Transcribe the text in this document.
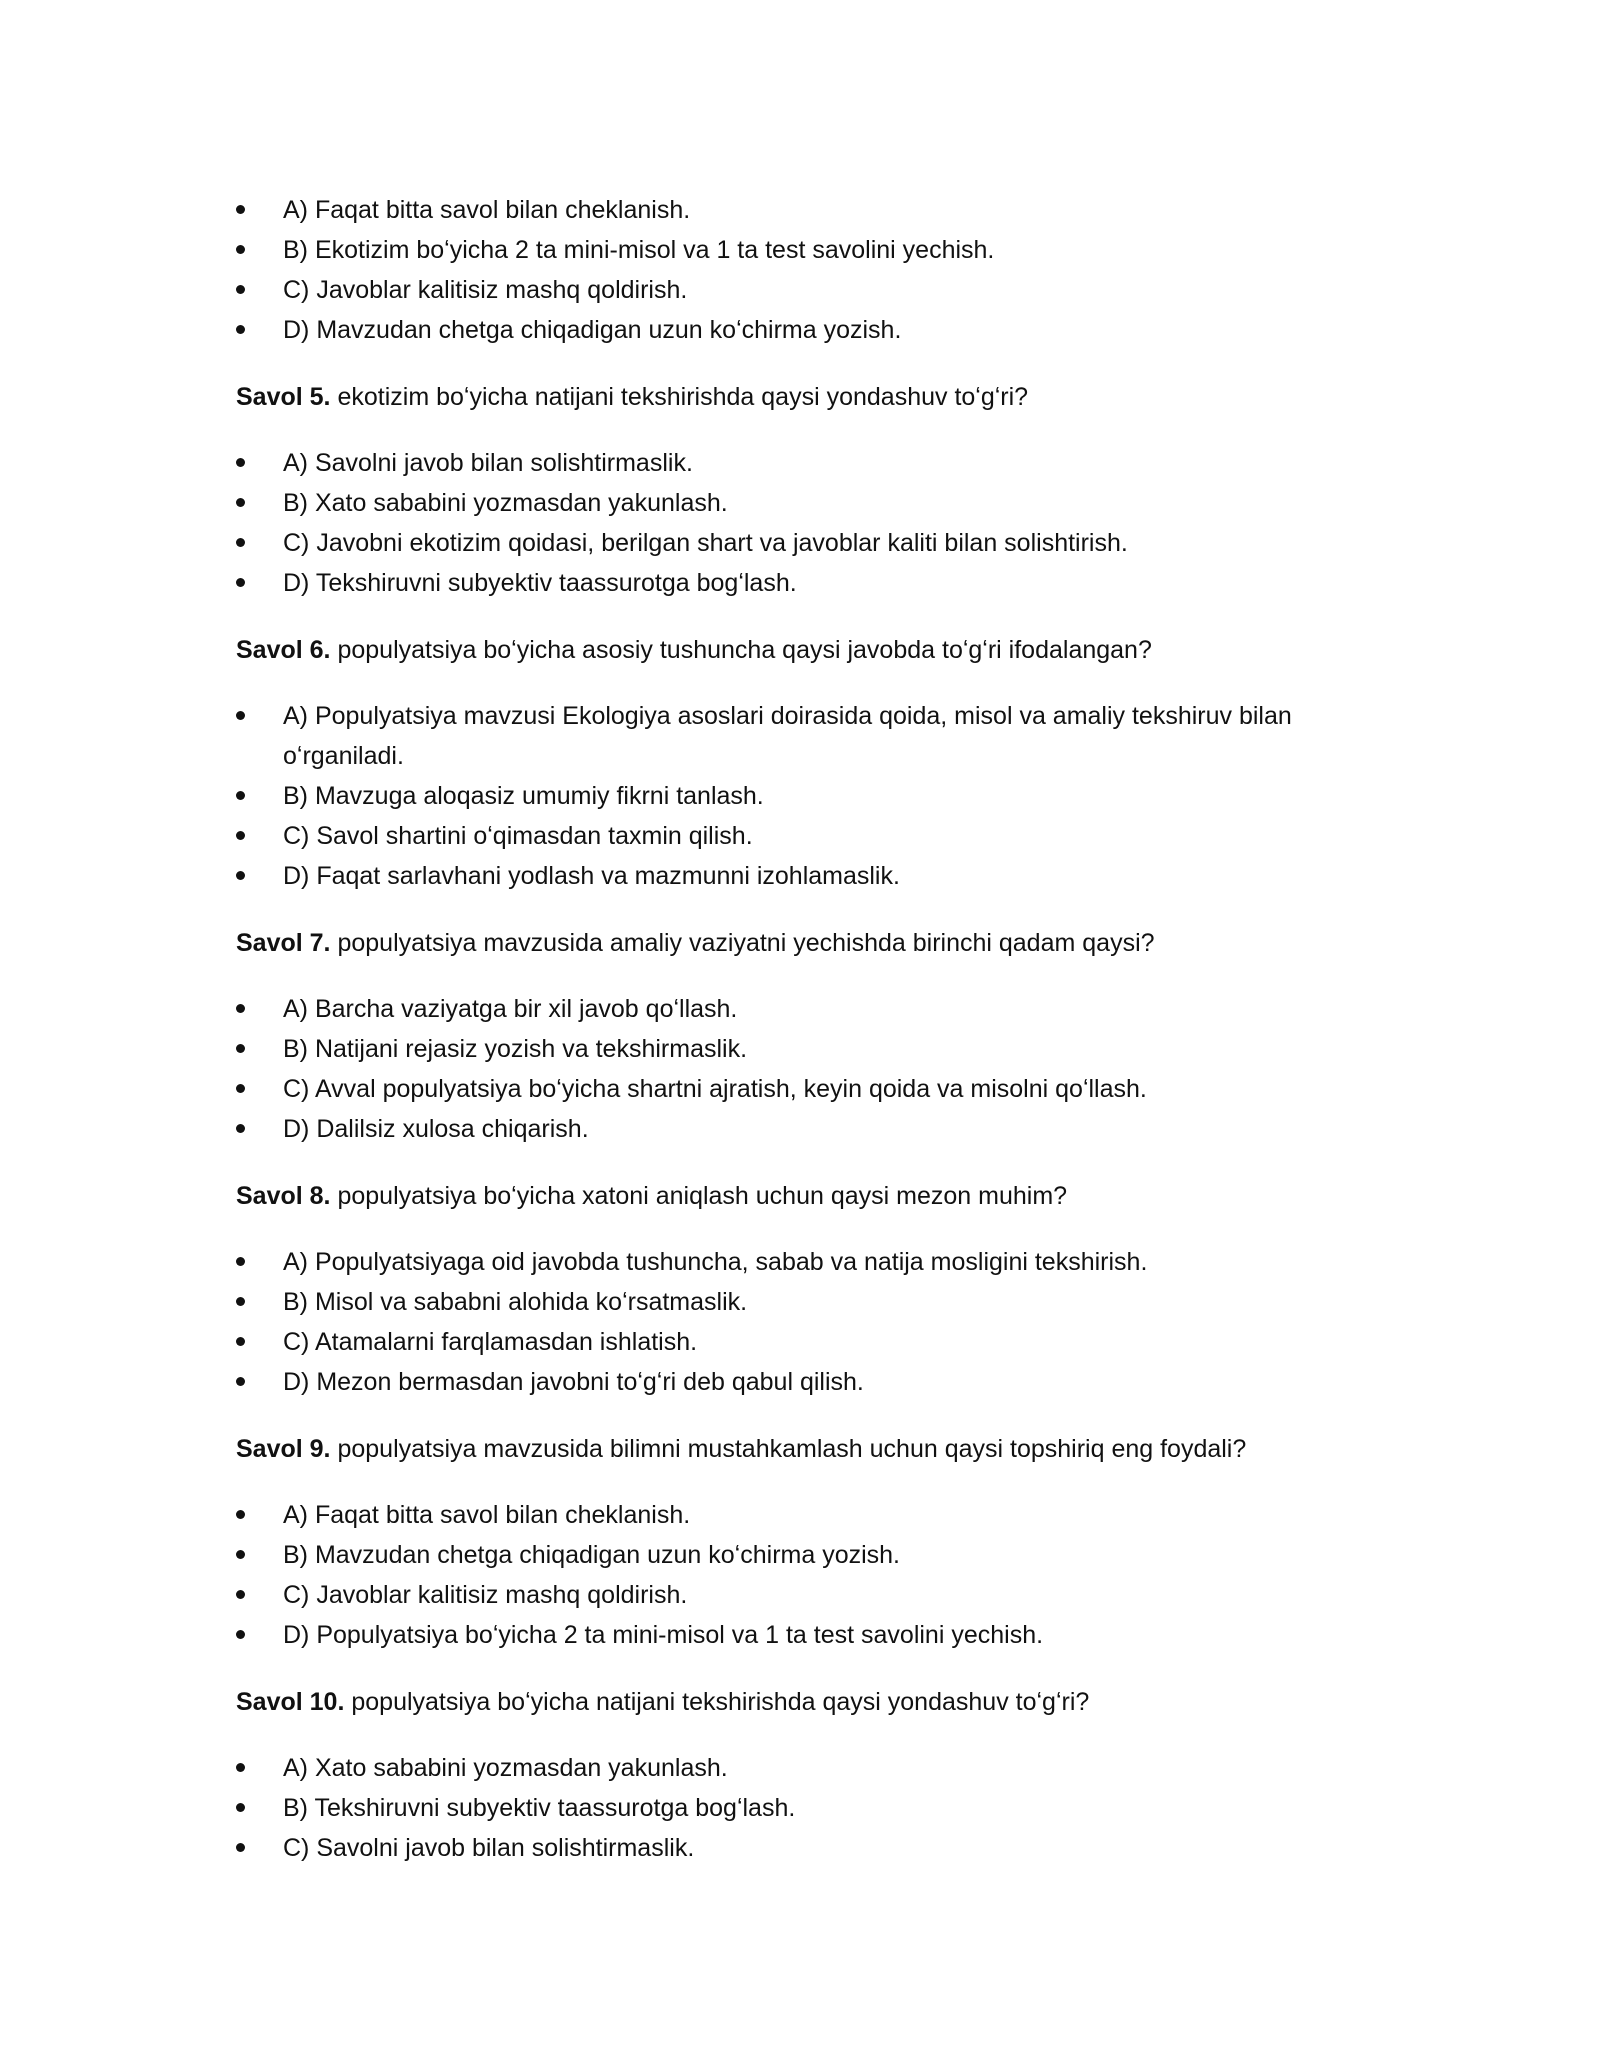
A) Faqat bitta savol bilan cheklanish.
B) Ekotizim boʻyicha 2 ta mini-misol va 1 ta test savolini yechish.
C) Javoblar kalitisiz mashq qoldirish.
D) Mavzudan chetga chiqadigan uzun koʻchirma yozish.

Savol 5. ekotizim boʻyicha natijani tekshirishda qaysi yondashuv toʻgʻri?

A) Savolni javob bilan solishtirmaslik.
B) Xato sababini yozmasdan yakunlash.
C) Javobni ekotizim qoidasi, berilgan shart va javoblar kaliti bilan solishtirish.
D) Tekshiruvni subyektiv taassurotga bogʻlash.

Savol 6. populyatsiya boʻyicha asosiy tushuncha qaysi javobda toʻgʻri ifodalangan?

A) Populyatsiya mavzusi Ekologiya asoslari doirasida qoida, misol va amaliy tekshiruv bilan oʻrganiladi.
B) Mavzuga aloqasiz umumiy fikrni tanlash.
C) Savol shartini oʻqimasdan taxmin qilish.
D) Faqat sarlavhani yodlash va mazmunni izohlamaslik.

Savol 7. populyatsiya mavzusida amaliy vaziyatni yechishda birinchi qadam qaysi?

A) Barcha vaziyatga bir xil javob qoʻllash.
B) Natijani rejasiz yozish va tekshirmaslik.
C) Avval populyatsiya boʻyicha shartni ajratish, keyin qoida va misolni qoʻllash.
D) Dalilsiz xulosa chiqarish.

Savol 8. populyatsiya boʻyicha xatoni aniqlash uchun qaysi mezon muhim?

A) Populyatsiyaga oid javobda tushuncha, sabab va natija mosligini tekshirish.
B) Misol va sababni alohida koʻrsatmaslik.
C) Atamalarni farqlamasdan ishlatish.
D) Mezon bermasdan javobni toʻgʻri deb qabul qilish.

Savol 9. populyatsiya mavzusida bilimni mustahkamlash uchun qaysi topshiriq eng foydali?

A) Faqat bitta savol bilan cheklanish.
B) Mavzudan chetga chiqadigan uzun koʻchirma yozish.
C) Javoblar kalitisiz mashq qoldirish.
D) Populyatsiya boʻyicha 2 ta mini-misol va 1 ta test savolini yechish.

Savol 10. populyatsiya boʻyicha natijani tekshirishda qaysi yondashuv toʻgʻri?

A) Xato sababini yozmasdan yakunlash.
B) Tekshiruvni subyektiv taassurotga bogʻlash.
C) Savolni javob bilan solishtirmaslik.
